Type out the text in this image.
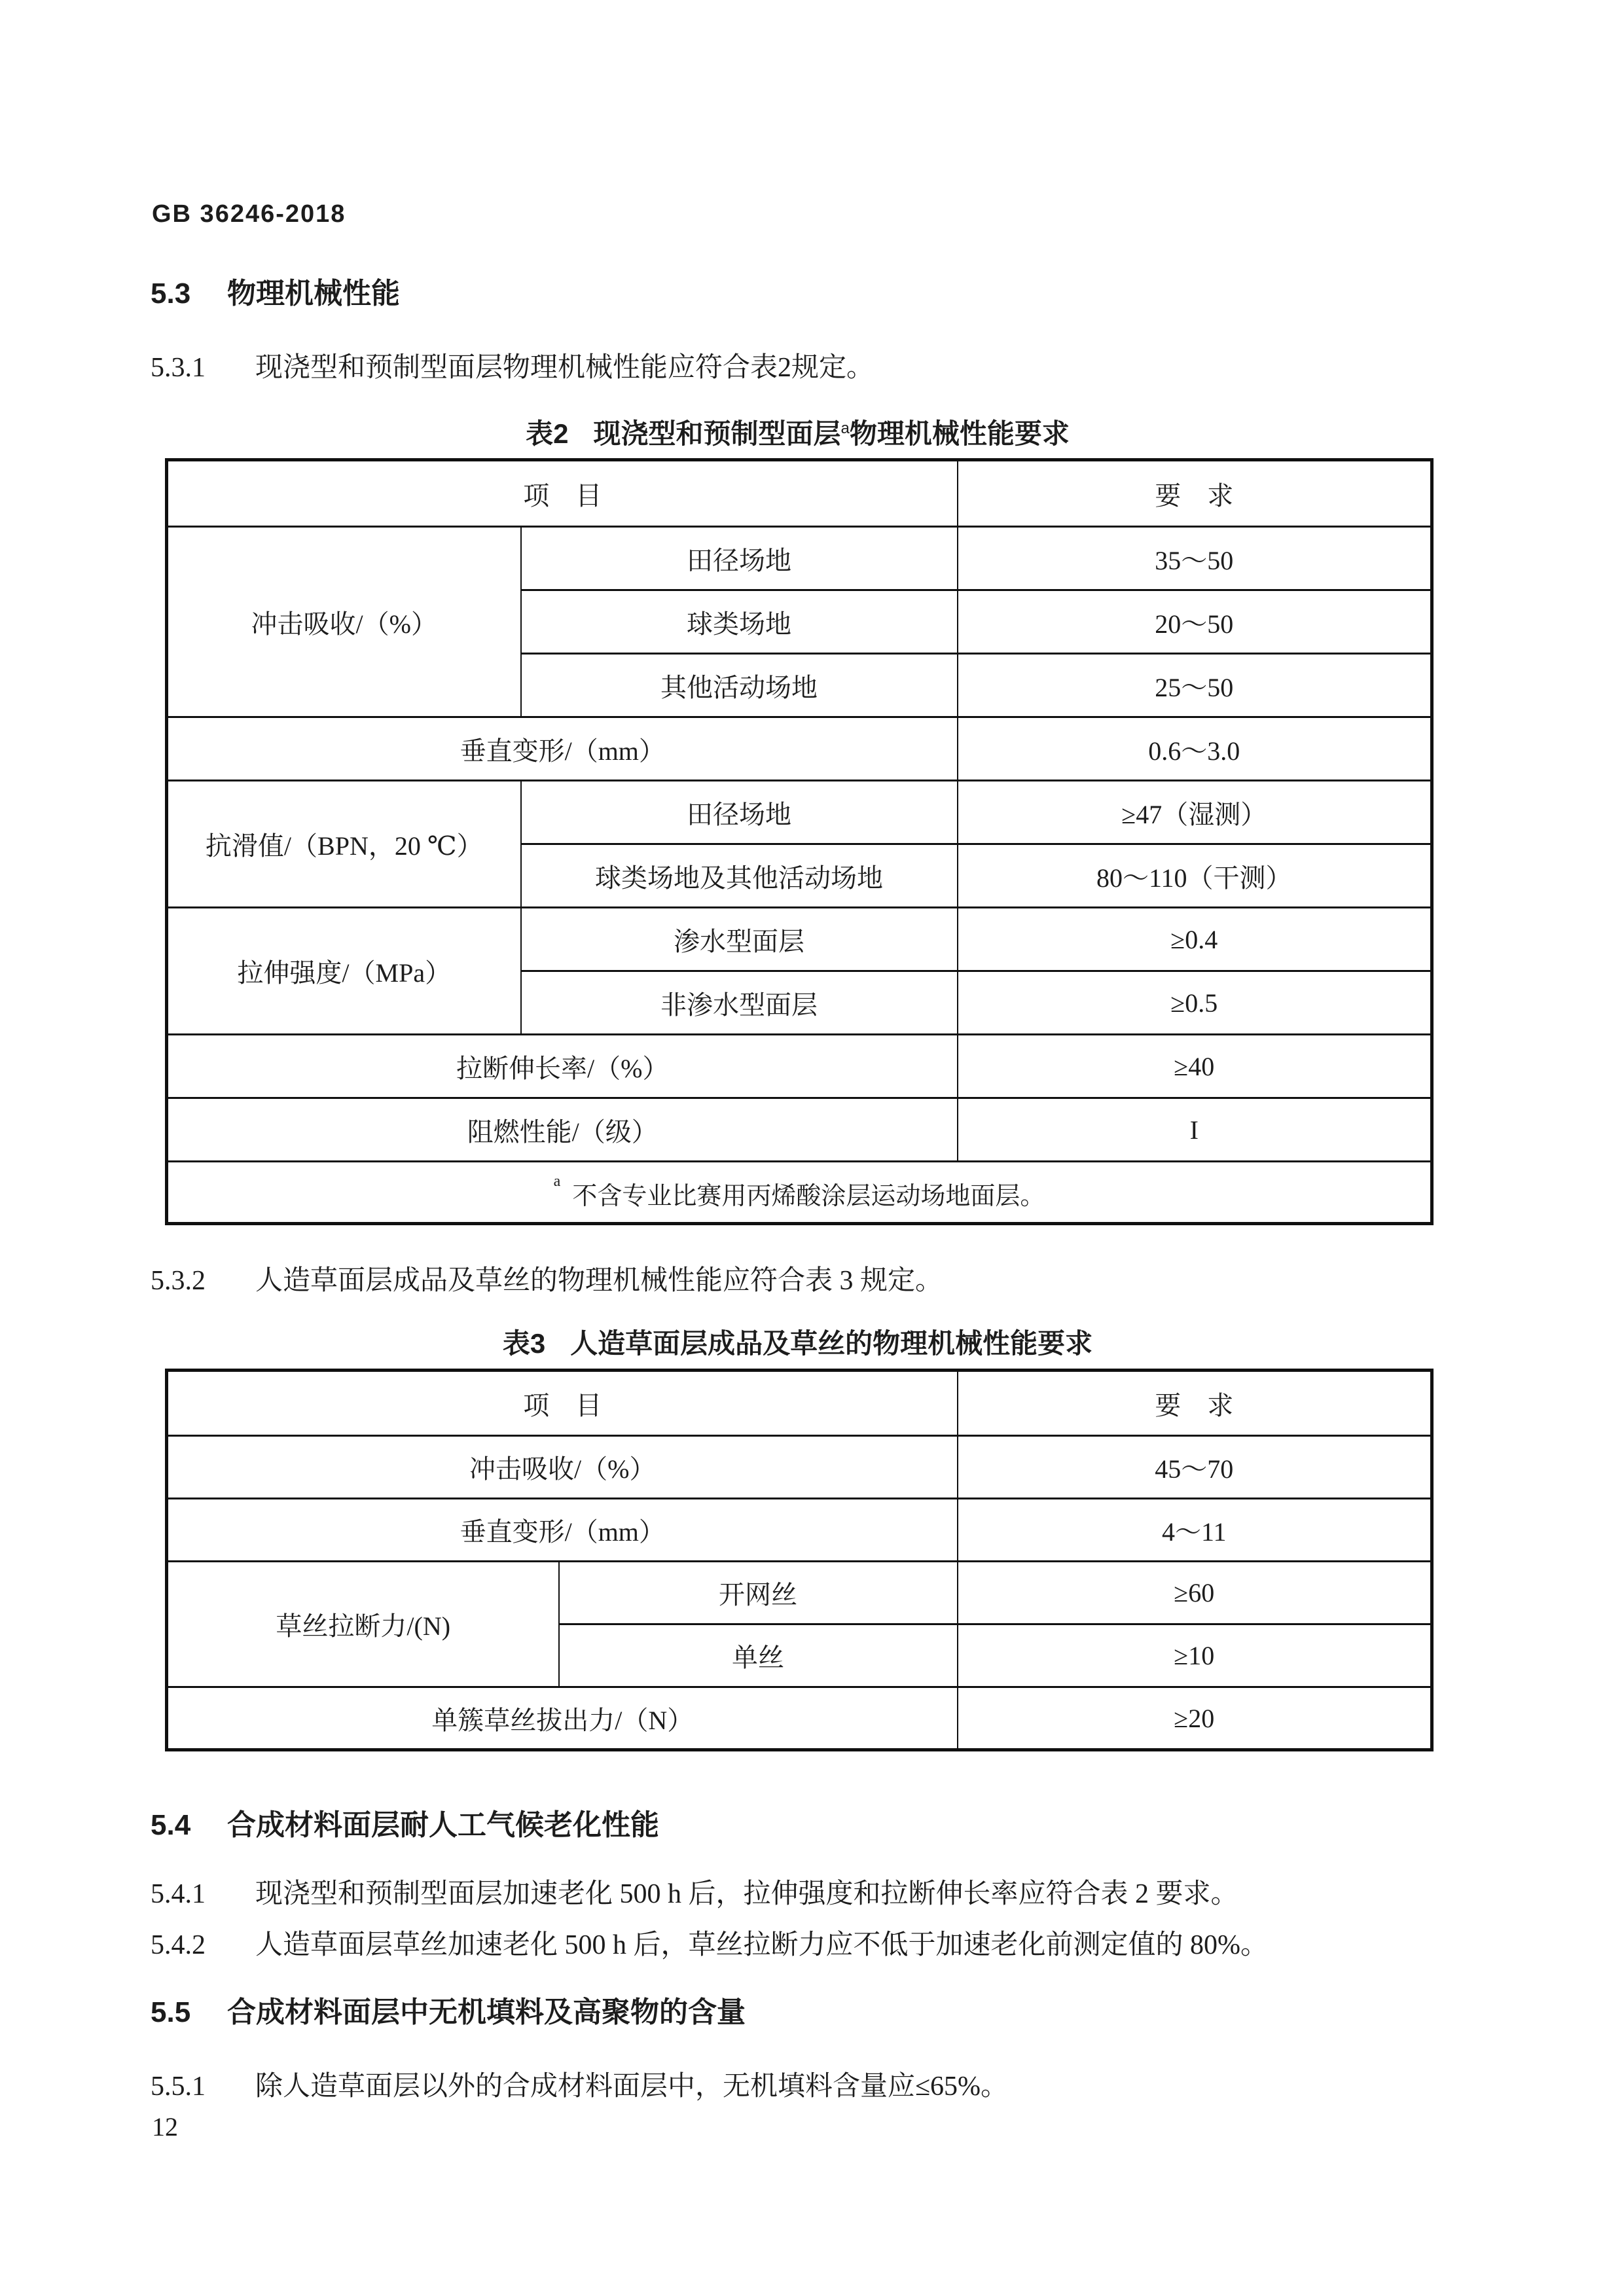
GB 36246-2018
5.3 物理机械性能
5.3.1 现浇型和预制型面层物理机械性能应符合表2规定。
表2 现浇型和预制型面层$^a$物理机械性能要求
项　目		要　求
冲击吸收/（%）	田径场地	35～50
	球类场地	20～50
	其他活动场地	25～50
垂直变形/（mm）		0.6～3.0
抗滑值/（BPN，20 ℃）	田径场地	≥47（湿测）
	球类场地及其他活动场地	80～110（干测）
拉伸强度/（MPa）	渗水型面层	≥0.4
	非渗水型面层	≥0.5
拉断伸长率/（%）		≥40
阻燃性能/（级）		I
$^a$不含专业比赛用丙烯酸涂层运动场地面层。		
5.3.2 人造草面层成品及草丝的物理机械性能应符合表 3 规定。
表3 人造草面层成品及草丝的物理机械性能要求
项　目		要　求
冲击吸收/（%）		45～70
垂直变形/（mm）		4～11
草丝拉断力/(N)	开网丝	≥60
	单丝	≥10
单簇草丝拔出力/（N）		≥20
5.4 合成材料面层耐人工气候老化性能
5.4.1 现浇型和预制型面层加速老化 500 h 后，拉伸强度和拉断伸长率应符合表 2 要求。
5.4.2 人造草面层草丝加速老化 500 h 后，草丝拉断力应不低于加速老化前测定值的 80%。
5.5 合成材料面层中无机填料及高聚物的含量
5.5.1 除人造草面层以外的合成材料面层中，无机填料含量应≤65%。
12
